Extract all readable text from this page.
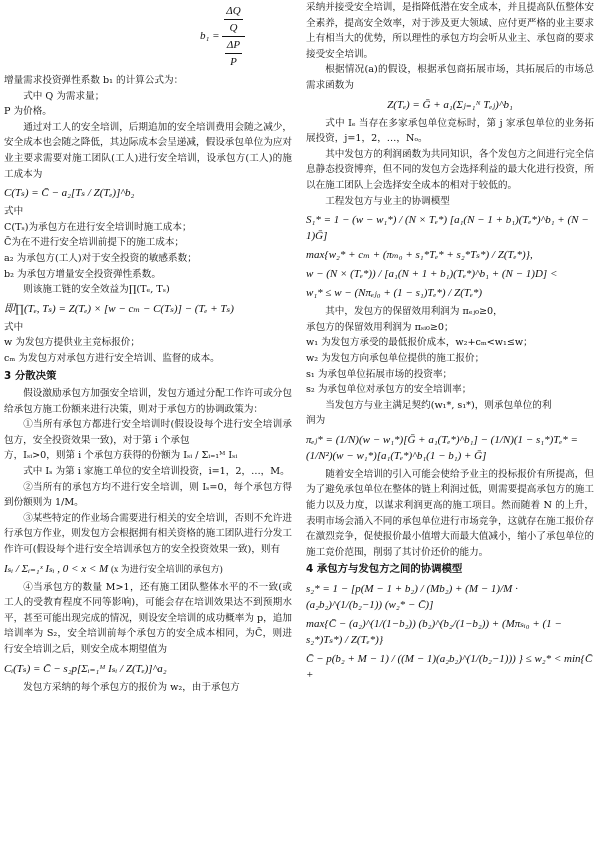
$b_1 = \frac{\frac{\Delta Q}{Q}}{\frac{\Delta P}{P}}$

增量需求投资弹性系数 b₁ 的计算公式为：

式中 Q 为需求量；

P 为价格。

通过对工人的安全培训，后期追加的安全培训费用会随之减少，安全成本也会随之降低，其边际成本会呈递减，假设承包单位为应对业主要求需要对施工团队(工人)进行安全培训，设承包方(工人)的施工成本为

C(Tₛ) = C̄ − a₂[Tₛ / Z(Tₑ)]^b₂

式中

C(Tₛ)为承包方在进行安全培训时施工成本；

C̄为在不进行安全培训前提下的施工成本；

a₂ 为承包方(工人)对于安全投资的敏感系数；

b₂ 为承包方增量安全投资弹性系数。

则该施工链的安全效益为∏(Tₑ, Tₛ)

即∏(Tₑ, Tₛ) = Z(Tₑ) × [w − cₘ − C(Tₛ)] − (Tₑ + Tₛ)

式中

w 为发包方提供业主竞标报价；

cₘ 为发包方对承包方进行安全培训、监督的成本。

3 分散决策

假设激励承包方加强安全培训，发包方通过分配工作许可或分包给承包方施工份额来进行决策，则对于承包方的协调政策为：

①当所有承包方都进行安全培训时(假设设每个进行安全培训承包方，安全投资效果一致)，对于第 i 个承包

方，Iₛᵢ>0，则第 i 个承包方获得的份额为 Iₛᵢ / Σᵢ₌₁ᴹ Iₛᵢ

式中 Iₛ 为第 i 家施工单位的安全培训投资，i=1，2，…，M。

②当所有的承包方均不进行安全培训，则 Iₛ=0，每个承包方得到份额则为 1/M。

③某些特定的作业场合需要进行相关的安全培训，否则不允许进行承包方作业，则发包方会根据拥有相关资格的施工团队进行分发工作许可(假设每个进行安全培训承包方的安全投资效果一致)，则有

Iₛᵢ / Σᵢ₌₁ˣ Iₛᵢ , 0 < x < M (x 为进行安全培训的承包方)

④当承包方的数量 M>1，还有施工团队整体水平的不一致(或工人的受教育程度不同等影响)，可能会存在培训效果达不到预期水平，甚至可能出现完成的情况，则设安全培训的成功概率为 p，追加培训率为 S₂，安全培训前每个承包方的安全成本相同，为C̄，则进行安全培训之后，则安全成本期望值为

Cᵢ(Tₛ) = C̄ − s₂p[Σᵢ₌₁ᴹ Iₛᵢ / Z(Tₑ)]^a₂

发包方采纳的每个承包方的报价为 w₂，由于承包方

采纳并接受安全培训，是指降低潜在安全成本，并且提高队伍整体安全素养，提高安全效率，对于涉及更大领域、应付更严格的业主要求上有相当大的优势，所以理性的承包方均会听从业主、承包商的要求接受安全培训。

根据情况(a)的假设，根据承包商拓展市场，其拓展后的市场总需求函数为

Z(Tₑ) = Ḡ + a₁(Σⱼ₌₁ᴺ Tₑⱼ)^b₁

式中 Iₑ 当存在多家承包单位竞标时，第 j 家承包单位的业务拓展投资，j=1，2，…，Nₒ。

其中发包方的利润函数为共同知识，各个发包方之间进行完全信息静态投资博弈，但不同的发包方会选择利益的最大化进行投资，所以在施工团队上会选择安全成本的相对于较低的。

工程发包方与业主的协调模型

S₁* = 1 − (w − w₁*) / (N × Tₑ*) [a₁(N − 1 + b₁)(Tₑ*)^b₁ + (N − 1)Ḡ]
max{w₂* + cₘ + (πₘ₀ + s₁*Tₑ* + s₂*Tₛ*) / Z(Tₑ*)},
w − (N × (Tₑ*)) / [a₁(N + 1 + b₁)(Tₑ*)^b₁ + (N − 1)D] <
w₁* ≤ w − (Nπₑⱼ₀ + (1 − s₁)Tₑ*) / Z(Tₑ*)

其中，发包方的保留效用利润为 πₑⱼ₀≥0，

承包方的保留效用利润为 πₛᵢ₀≥0；

w₁ 为发包方承受的最低报价成本，w₂+cₘ<w₁≤w；

w₂ 为发包方向承包单位提供的施工报价；

s₁ 为承包单位拓展市场的投资率；

s₂ 为承包单位对承包方的安全培训率；

当发包方与业主满足契约(w₁*, s₁*)，则承包单位的利

润为

πₑⱼ* = (1/N)(w − w₁*)[Ḡ + a₁(Tₑ*)^b₁] − (1/N)(1 − s₁*)Tₑ* = (1/N²)(w − w₁*)[a₁(Tₑ*)^b₁(1 − b₁) + Ḡ]

随着安全培训的引入可能会使给予业主的投标报价有所提高，但为了避免承包单位在整体的链上利润过低，则需要提高承包方的施工能力以及力度，以谋求利润更高的施工项目。然而随着 N 的上升，表明市场会涌入不同的承包单位进行市场竞争，这就存在施工报价存在激烈竞争，促使报价最小值增大而最大值减小，缩小了承包单位的施工竞价范围，削弱了其讨价还价的能力。

4 承包方与发包方之间的协调模型
s₂* = 1 − [p(M − 1 + b₂) / (Mb₂) + (M − 1)/M · (a₂b₂)^(1/(b₂−1)) (w₂* − C̄)]
max{C̄ − (a₂)^(1/(1−b₂)) (b₂)^(b₂/(1−b₂)) + (Mπₛᵢ₀ + (1 − s₂*)Tₛ*) / Z(Tₑ*)}
C̄ − p(b₂ + M − 1) / ((M − 1)(a₂b₂)^(1/(b₂−1))) } ≤ w₂* < min{C̄ +
